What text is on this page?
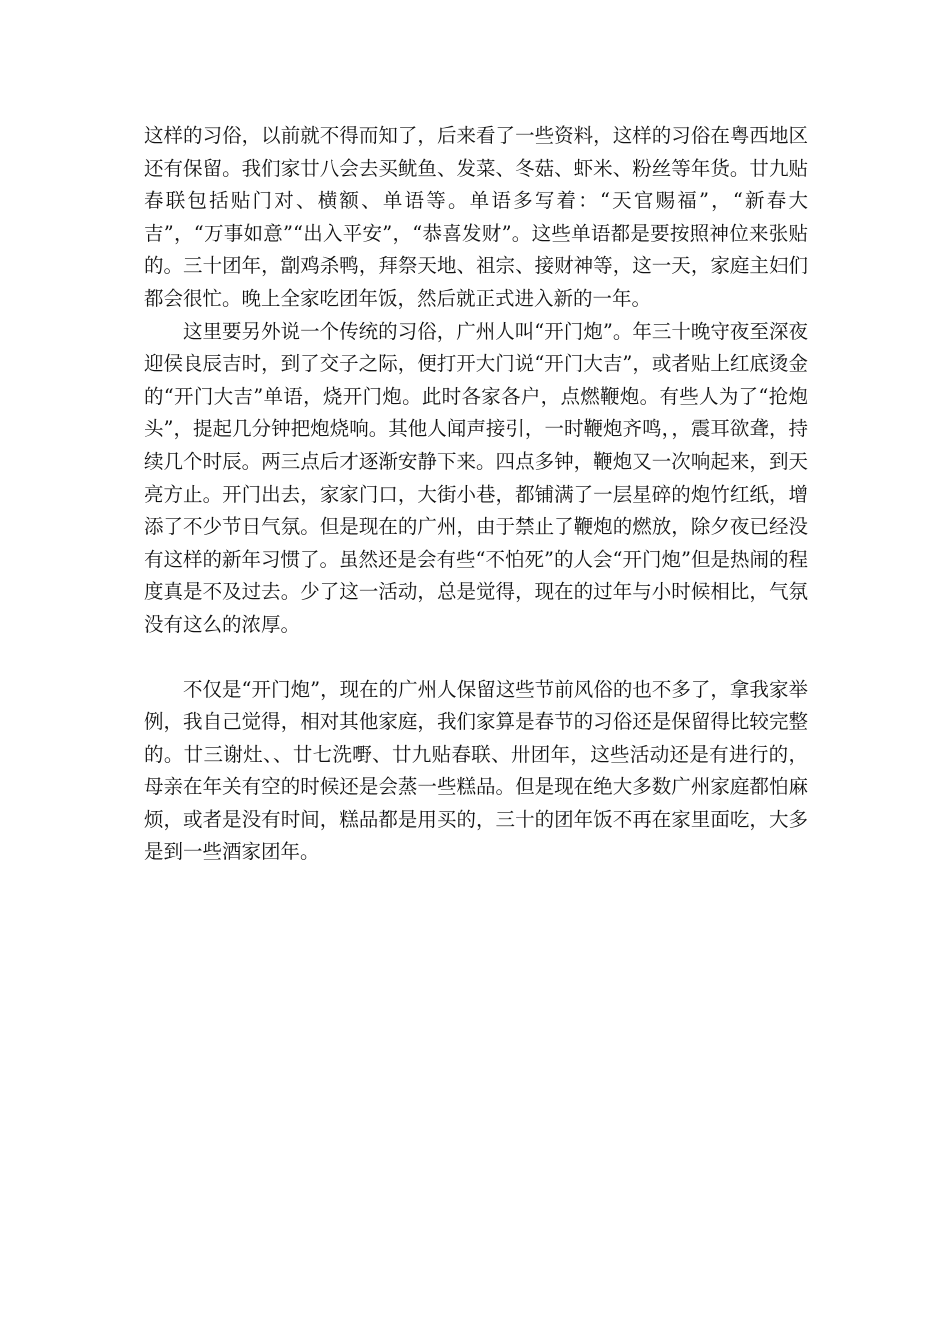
这样的习俗，以前就不得而知了，后来看了一些资料，这样的习俗在粤西地区还有保留。我们家廿八会去买鱿鱼、发菜、冬菇、虾米、粉丝等年货。廿九贴春联包括贴门对、横额、单语等。单语多写着：“天官赐福”，“新春大吉”，“万事如意”“出入平安”，“恭喜发财”。这些单语都是要按照神位来张贴的。三十团年，劏鸡杀鸭，拜祭天地、祖宗、接财神等，这一天，家庭主妇们都会很忙。晚上全家吃团年饭，然后就正式进入新的一年。

这里要另外说一个传统的习俗，广州人叫“开门炮”。年三十晚守夜至深夜迎侯良辰吉时，到了交子之际，便打开大门说“开门大吉”，或者贴上红底烫金的“开门大吉”单语，烧开门炮。此时各家各户，点燃鞭炮。有些人为了“抢炮头”，提起几分钟把炮烧响。其他人闻声接引，一时鞭炮齐鸣，，震耳欲聋，持续几个时辰。两三点后才逐渐安静下来。四点多钟，鞭炮又一次响起来，到天亮方止。开门出去，家家门口，大街小巷，都铺满了一层星碎的炮竹红纸，增添了不少节日气氛。但是现在的广州，由于禁止了鞭炮的燃放，除夕夜已经没有这样的新年习惯了。虽然还是会有些“不怕死”的人会“开门炮”但是热闹的程度真是不及过去。少了这一活动，总是觉得，现在的过年与小时候相比，气氛没有这么的浓厚。

不仅是“开门炮”，现在的广州人保留这些节前风俗的也不多了，拿我家举例，我自己觉得，相对其他家庭，我们家算是春节的习俗还是保留得比较完整的。廿三谢灶、、廿七洗嘢、廿九贴春联、卅团年，这些活动还是有进行的，母亲在年关有空的时候还是会蒸一些糕品。但是现在绝大多数广州家庭都怕麻烦，或者是没有时间，糕品都是用买的，三十的团年饭不再在家里面吃，大多是到一些酒家团年。
